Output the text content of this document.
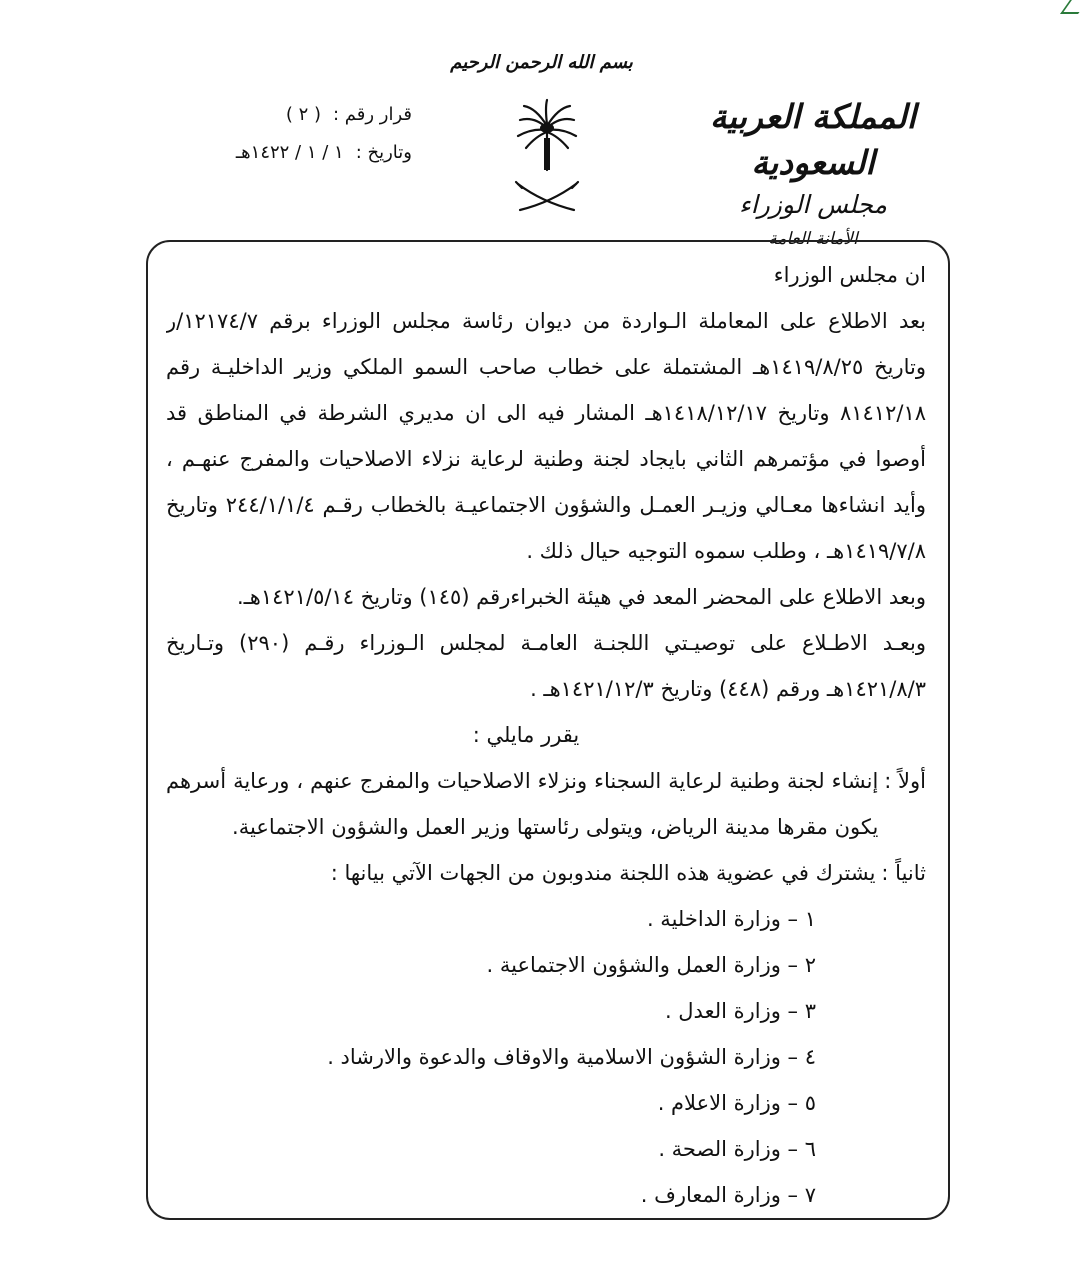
بسم الله الرحمن الرحيم
المملكة العربية السعودية
مجلس الوزراء
الأمانة العامة
قرار رقم :
( ٢ )
وتاريخ :
١ / ١ / ١٤٢٢هـ

ان مجلس الوزراء

بعد الاطلاع على المعاملة الـواردة من ديوان رئاسة مجلس الوزراء برقم ١٢١٧٤/٧/ر وتاريخ ١٤١٩/٨/٢٥هـ المشتملة على خطاب صاحب السمو الملكي وزير الداخليـة رقم ٨١٤١٢/١٨ وتاريخ ١٤١٨/١٢/١٧هـ المشار فيه الى ان مديري الشرطة في المناطق قد أوصوا في مؤتمرهم الثاني بايجاد لجنة وطنية لرعاية نزلاء الاصلاحيات والمفرج عنهـم ، وأيد انشاءها معـالي وزيـر العمـل والشؤون الاجتماعيـة بالخطاب رقـم ٢٤٤/١/١/٤ وتاريخ ١٤١٩/٧/٨هـ ، وطلب سموه التوجيه حيال ذلك .

وبعد الاطلاع على المحضر المعد في هيئة الخبراءرقم (١٤٥) وتاريخ ١٤٢١/٥/١٤هـ.

وبعـد الاطـلاع على توصيـتي اللجنـة العامـة لمجلس الـوزراء رقـم (٢٩٠) وتـاريخ ١٤٢١/٨/٣هـ ورقم (٤٤٨) وتاريخ ١٤٢١/١٢/٣هـ .

يقرر مايلي :

أولاً :
إنشاء لجنة وطنية لرعاية السجناء ونزلاء الاصلاحيات والمفرج عنهم ، ورعاية أسرهم يكون مقرها مدينة الرياض، ويتولى رئاستها وزير العمل والشؤون الاجتماعية.
ثانياً :
يشترك في عضوية هذه اللجنة مندوبون من الجهات الآتي بيانها :
١ – وزارة الداخلية .
٢ – وزارة العمل والشؤون الاجتماعية .
٣ – وزارة العدل .
٤ – وزارة الشؤون الاسلامية والاوقاف والدعوة والارشاد .
٥ – وزارة الاعلام .
٦ – وزارة الصحة .
٧ – وزارة المعارف .
